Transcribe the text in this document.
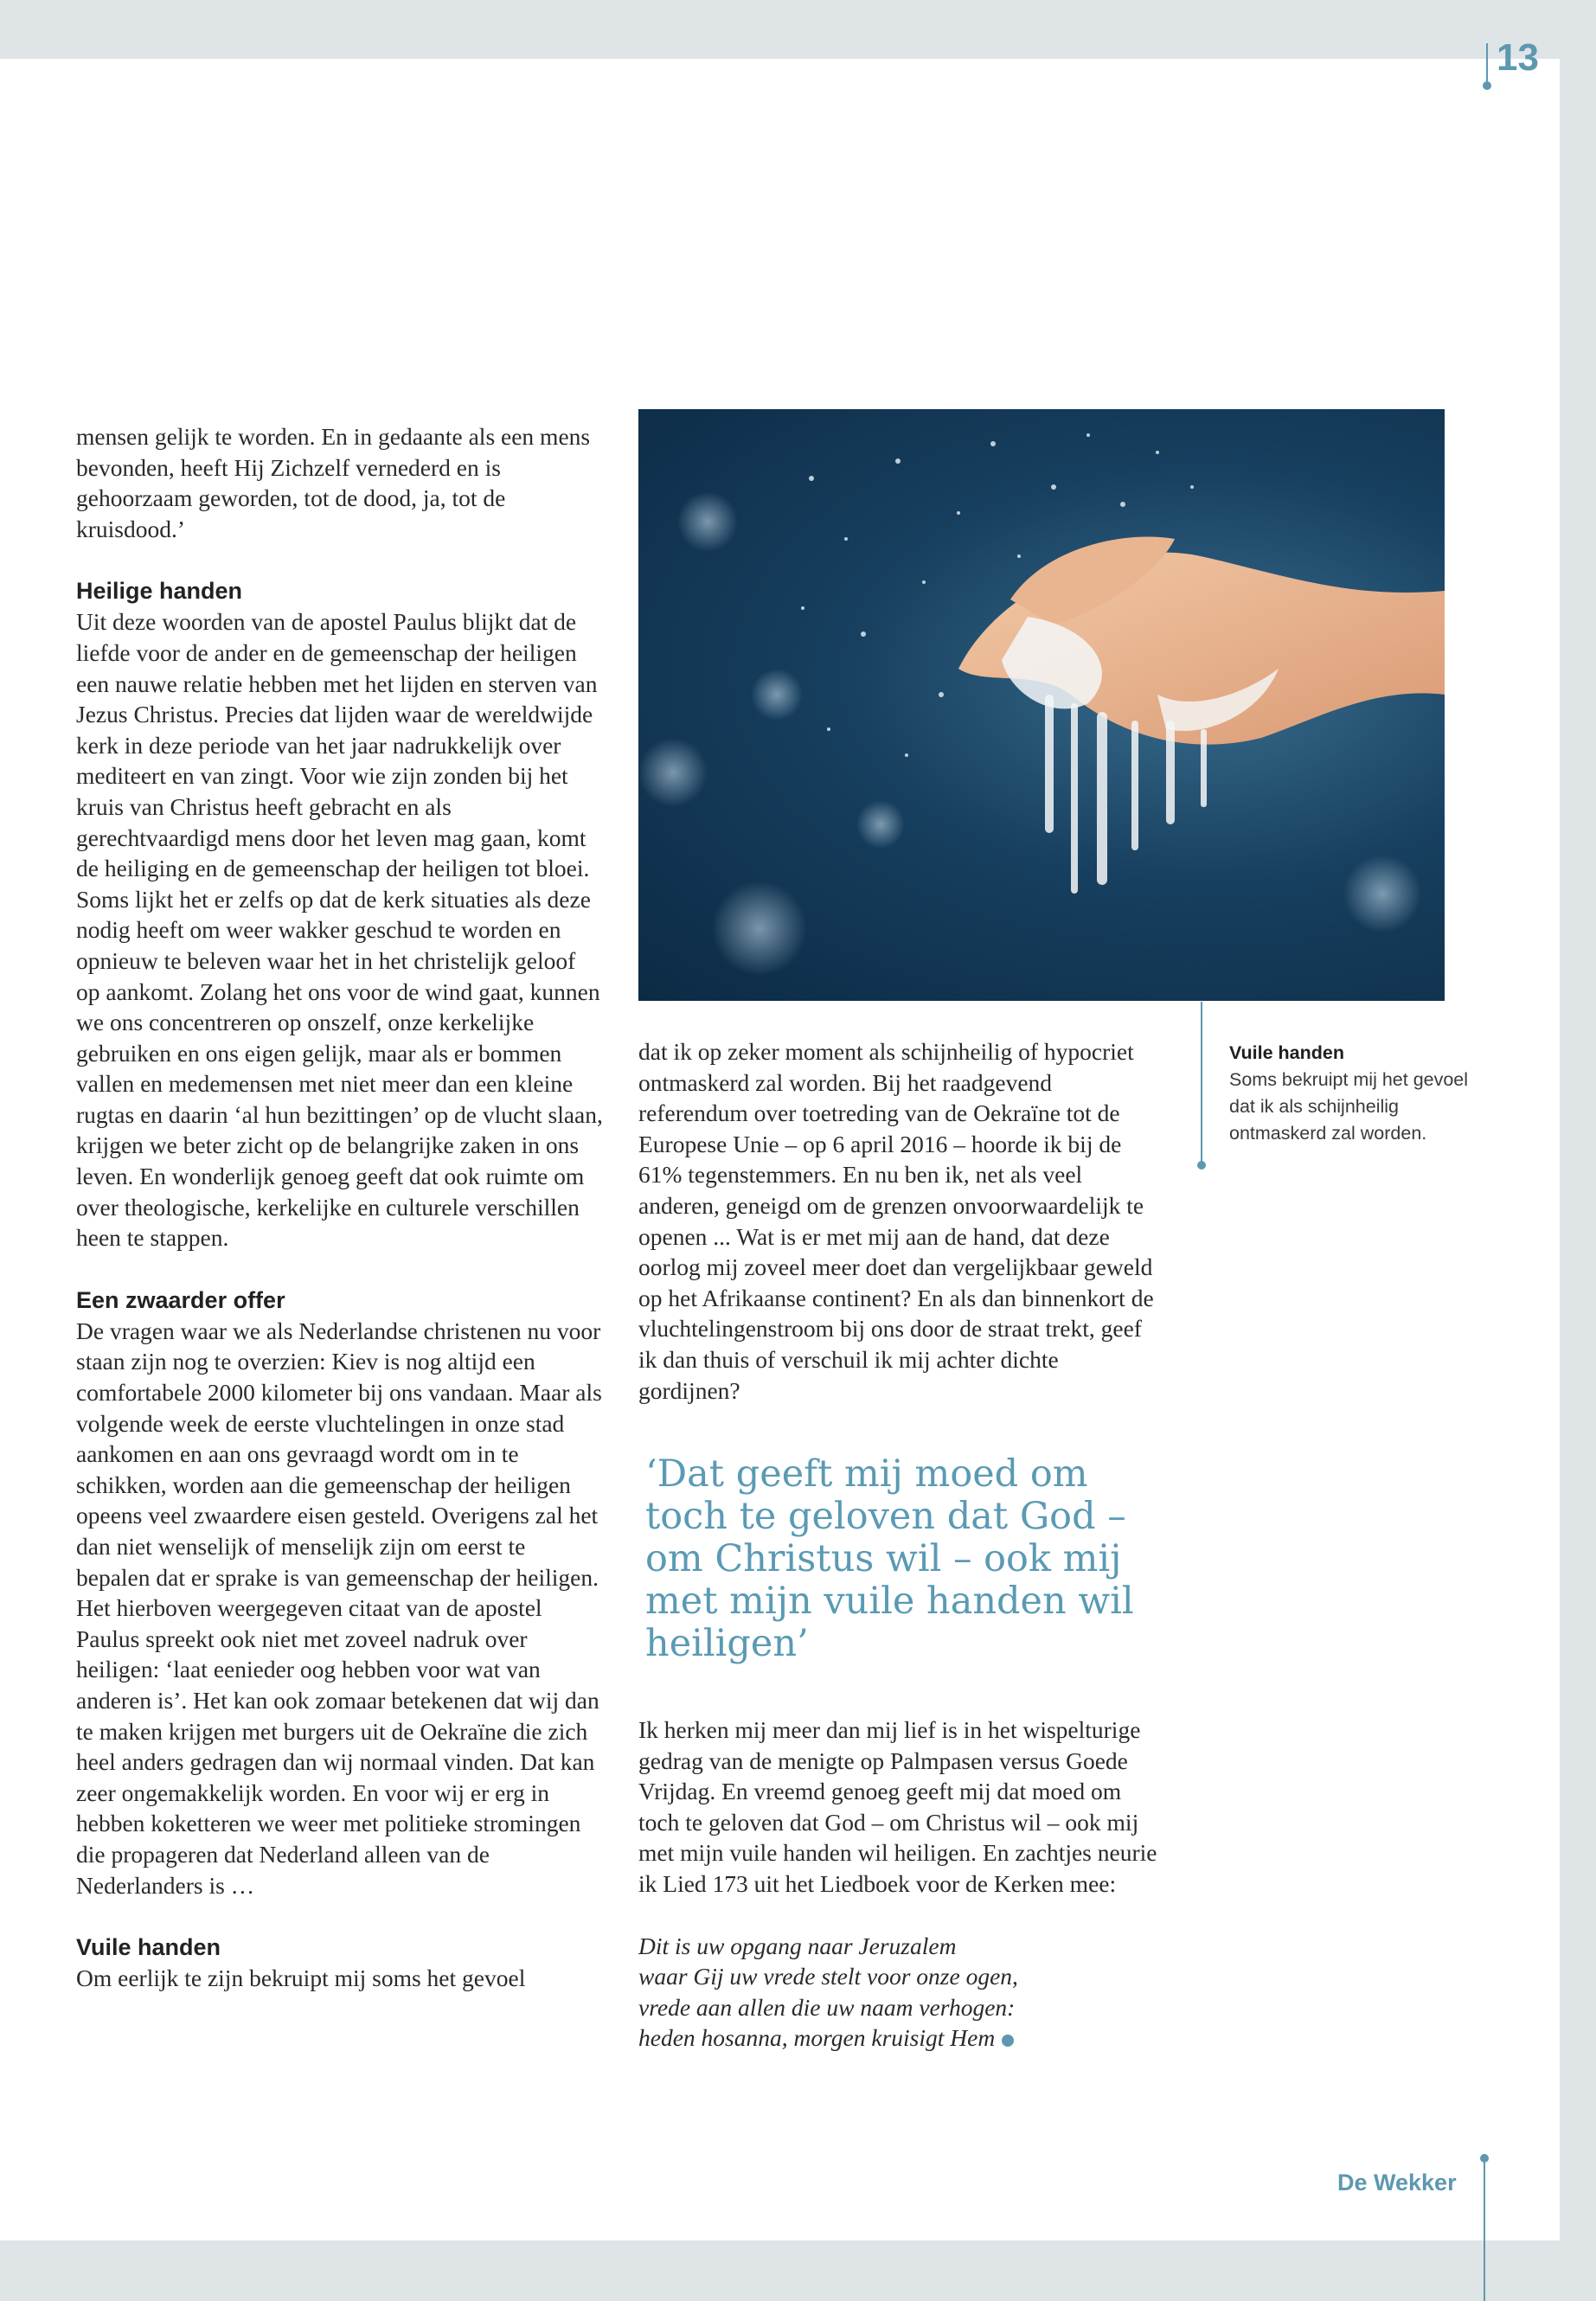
13

mensen gelijk te worden. En in gedaante als een mens bevonden, heeft Hij Zichzelf vernederd en is gehoorzaam geworden, tot de dood, ja, tot de kruisdood.’

Heilige handen

Uit deze woorden van de apostel Paulus blijkt dat de liefde voor de ander en de gemeenschap der heiligen een nauwe relatie hebben met het lijden en sterven van Jezus Christus. Precies dat lijden waar de wereldwijde kerk in deze periode van het jaar nadrukkelijk over mediteert en van zingt. Voor wie zijn zonden bij het kruis van Christus heeft gebracht en als gerechtvaardigd mens door het leven mag gaan, komt de heiliging en de gemeenschap der heiligen tot bloei. Soms lijkt het er zelfs op dat de kerk situaties als deze nodig heeft om weer wakker geschud te worden en opnieuw te beleven waar het in het christelijk geloof op aankomt. Zolang het ons voor de wind gaat, kunnen we ons concentreren op onszelf, onze kerkelijke gebruiken en ons eigen gelijk, maar als er bommen vallen en medemensen met niet meer dan een kleine rugtas en daarin ‘al hun bezittingen’ op de vlucht slaan, krijgen we beter zicht op de belangrijke zaken in ons leven. En wonderlijk genoeg geeft dat ook ruimte om over theologische, kerkelijke en culturele verschillen heen te stappen.

Een zwaarder offer

De vragen waar we als Nederlandse christenen nu voor staan zijn nog te overzien: Kiev is nog altijd een comfortabele 2000 kilometer bij ons vandaan. Maar als volgende week de eerste vluchtelingen in onze stad aankomen en aan ons gevraagd wordt om in te schikken, worden aan die gemeenschap der heiligen opeens veel zwaardere eisen gesteld. Overigens zal het dan niet wenselijk of menselijk zijn om eerst te bepalen dat er sprake is van gemeenschap der heiligen. Het hierboven weergegeven citaat van de apostel Paulus spreekt ook niet met zoveel nadruk over heiligen: ‘laat eenieder oog hebben voor wat van anderen is’. Het kan ook zomaar betekenen dat wij dan te maken krijgen met burgers uit de Oekraïne die zich heel anders gedragen dan wij normaal vinden. Dat kan zeer ongemakkelijk worden. En voor wij er erg in hebben koketteren we weer met politieke stromingen die propageren dat Nederland alleen van de Nederlanders is …

Vuile handen

Om eerlijk te zijn bekruipt mij soms het gevoel

dat ik op zeker moment als schijnheilig of hypocriet ontmaskerd zal worden. Bij het raadgevend referendum over toetreding van de Oekraïne tot de Europese Unie – op 6 april 2016 – hoorde ik bij de 61% tegenstemmers. En nu ben ik, net als veel anderen, geneigd om de grenzen onvoorwaardelijk te openen ... Wat is er met mij aan de hand, dat deze oorlog mij zoveel meer doet dan vergelijkbaar geweld op het Afrikaanse continent? En als dan binnenkort de vluchtelingenstroom bij ons door de straat trekt, geef ik dan thuis of verschuil ik mij achter dichte gordijnen?

Vuile handen
Soms bekruipt mij het gevoel dat ik als schijnheilig ontmaskerd zal worden.
‘Dat geeft mij moed om toch te geloven dat God – om Christus wil – ook mij met mijn vuile handen wil heiligen’

Ik herken mij meer dan mij lief is in het wispelturige gedrag van de menigte op Palmpasen versus Goede Vrijdag. En vreemd genoeg geeft mij dat moed om toch te geloven dat God – om Christus wil – ook mij met mijn vuile handen wil heiligen. En zachtjes neurie ik Lied 173 uit het Liedboek voor de Kerken mee:

Dit is uw opgang naar Jeruzalem

waar Gij uw vrede stelt voor onze ogen,

vrede aan allen die uw naam verhogen:

heden hosanna, morgen kruisigt Hem

De Wekker
